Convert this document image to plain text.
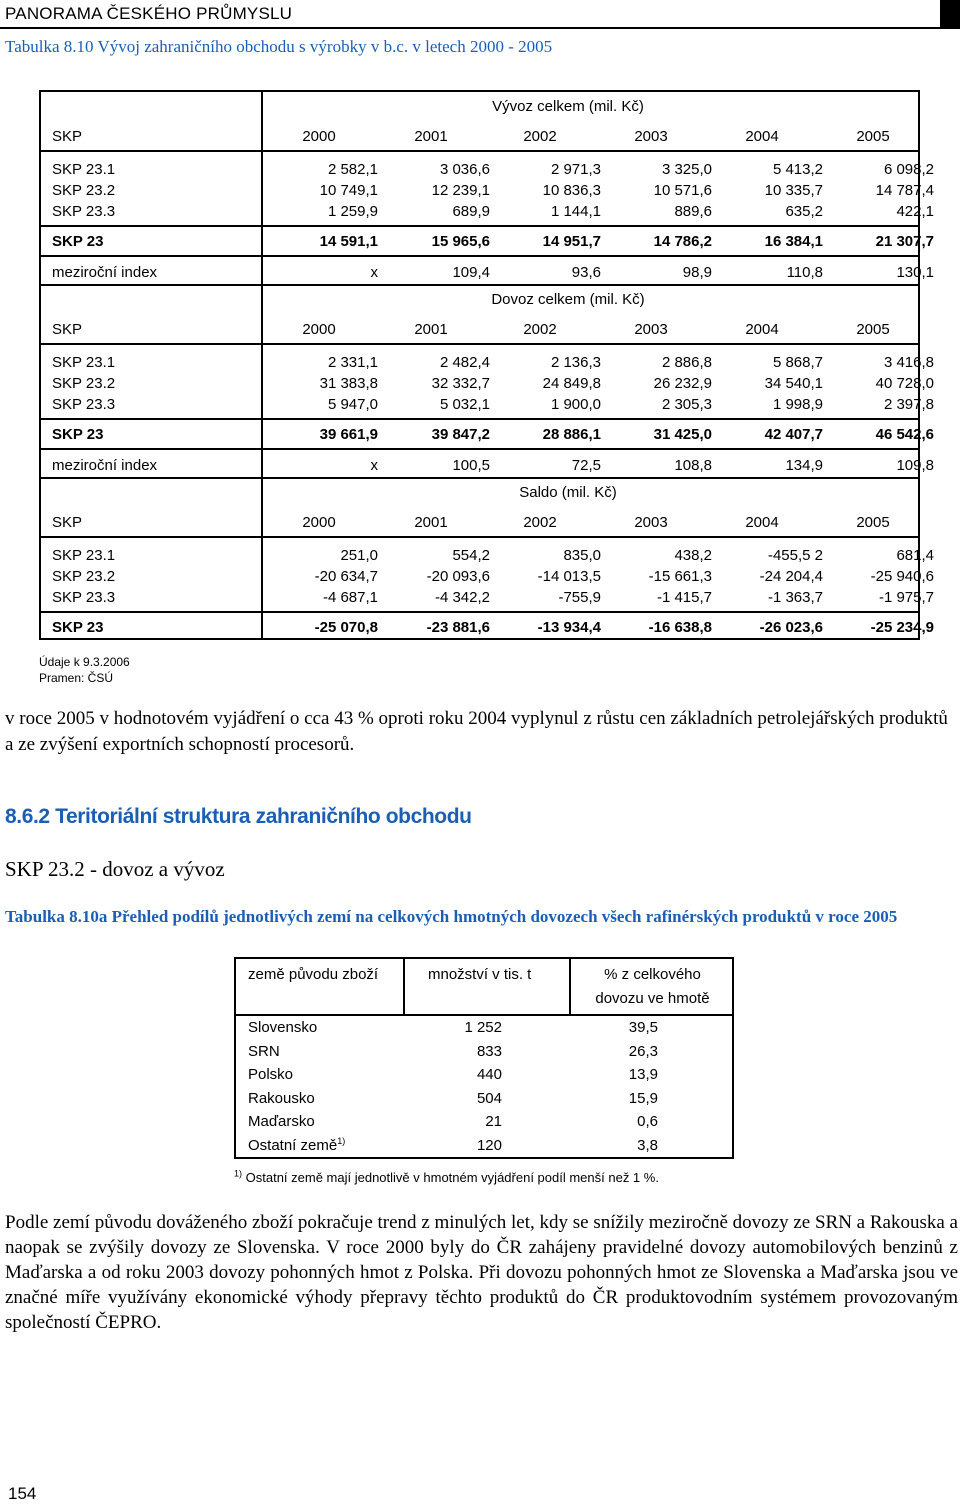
PANORAMA ČESKÉHO PRŮMYSLU
Tabulka 8.10 Vývoj zahraničního obchodu s výrobky v b.c. v letech 2000 - 2005
Vývoz celkem (mil. Kč)
SKP	2000	2001	2002	2003	2004	2005
SKP 23.1	2 582,1	3 036,6	2 971,3	3 325,0	5 413,2	6 098,2
SKP 23.2	10 749,1	12 239,1	10 836,3	10 571,6	10 335,7	14 787,4
SKP 23.3	1 259,9	689,9	1 144,1	889,6	635,2	422,1
SKP 23	14 591,1	15 965,6	14 951,7	14 786,2	16 384,1	21 307,7
meziroční index	x	109,4	93,6	98,9	110,8	130,1
Dovoz celkem (mil. Kč)
SKP	2000	2001	2002	2003	2004	2005
SKP 23.1	2 331,1	2 482,4	2 136,3	2 886,8	5 868,7	3 416,8
SKP 23.2	31 383,8	32 332,7	24 849,8	26 232,9	34 540,1	40 728,0
SKP 23.3	5 947,0	5 032,1	1 900,0	2 305,3	1 998,9	2 397,8
SKP 23	39 661,9	39 847,2	28 886,1	31 425,0	42 407,7	46 542,6
meziroční index	x	100,5	72,5	108,8	134,9	109,8
Saldo (mil. Kč)
SKP	2000	2001	2002	2003	2004	2005
SKP 23.1	251,0	554,2	835,0	438,2	-455,5 2	681,4
SKP 23.2	-20 634,7	-20 093,6	-14 013,5	-15 661,3	-24 204,4	-25 940,6
SKP 23.3	-4 687,1	-4 342,2	-755,9	-1 415,7	-1 363,7	-1 975,7
SKP 23	-25 070,8	-23 881,6	-13 934,4	-16 638,8	-26 023,6	-25 234,9
Údaje k 9.3.2006
Pramen: ČSÚ
v roce 2005 v hodnotovém vyjádření o cca 43 % oproti roku 2004 vyplynul z růstu cen základních petrolejářských produktů a ze zvýšení exportních schopností procesorů.
8.6.2 Teritoriální struktura zahraničního obchodu
SKP 23.2 - dovoz a vývoz
Tabulka 8.10a Přehled podílů jednotlivých zemí na celkových hmotných dovozech všech rafinérských produktů v roce 2005
země původu zboží	množství v tis. t	% z celkového
dovozu ve hmotě
Slovensko	1 252	39,5
SRN	833	26,3
Polsko	440	13,9
Rakousko	504	15,9
Maďarsko	21	0,6
Ostatní země$^{1)}$	120	3,8
$^{1)}$ Ostatní země mají jednotlivě v hmotném vyjádření podíl menší než 1 %.
Podle zemí původu dováženého zboží pokračuje trend z minulých let, kdy se snížily meziročně dovozy ze SRN a Rakouska a naopak se zvýšily dovozy ze Slovenska. V roce 2000 byly do ČR zahájeny pravidelné dovozy automobilových benzinů z Maďarska a od roku 2003 dovozy pohonných hmot z Polska. Při dovozu pohonných hmot ze Slovenska a Maďarska jsou ve značné míře využívány ekonomické výhody přepravy těchto produktů do ČR produktovodním systémem provozovaným společností ČEPRO.
154
